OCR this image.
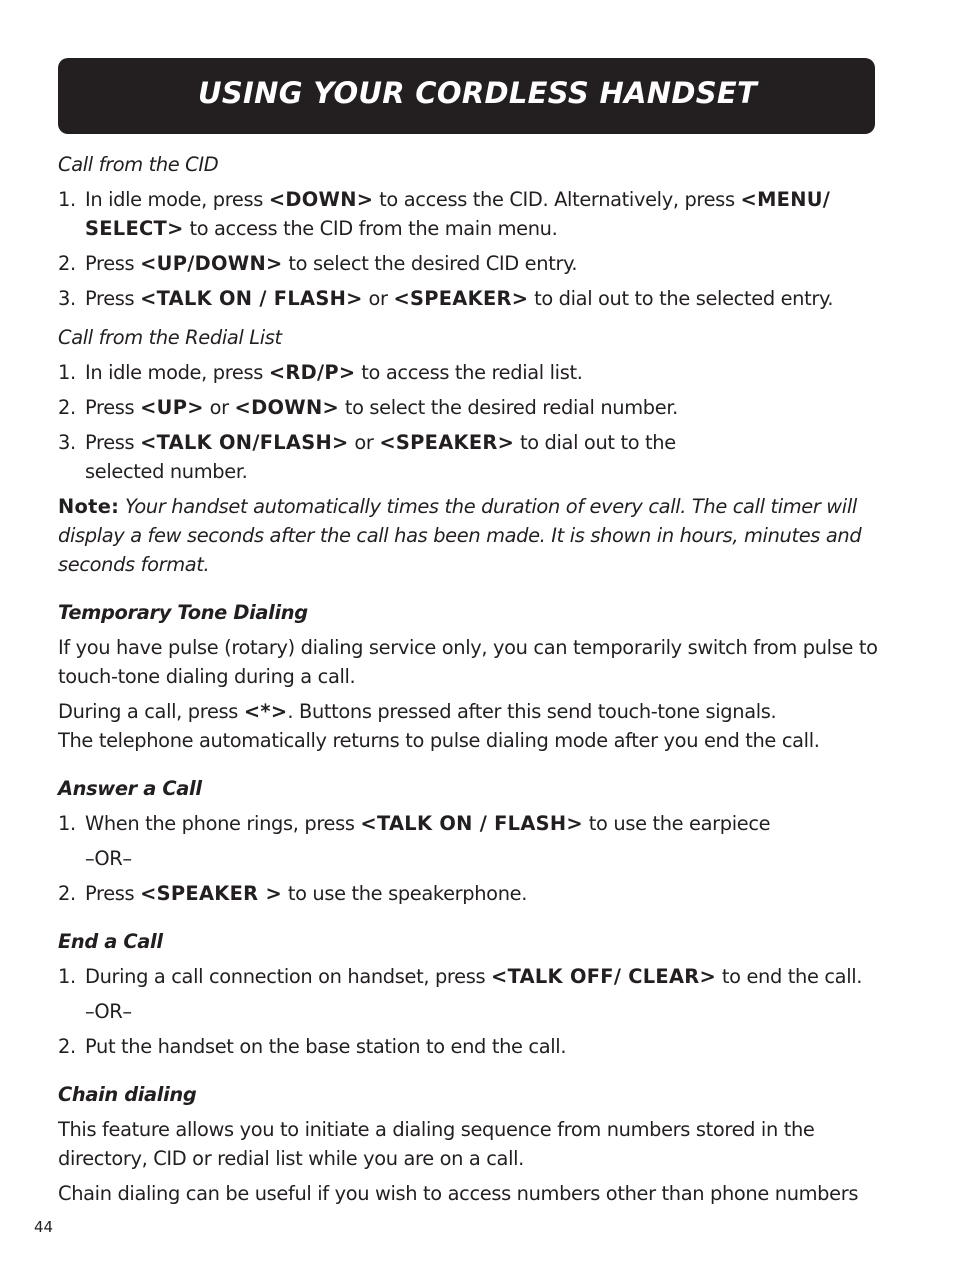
USING YOUR CORDLESS HANDSET
Call from the CID
1. In idle mode, press <DOWN> to access the CID. Alternatively, press <MENU/ SELECT> to access the CID from the main menu.
2. Press <UP/DOWN> to select the desired CID entry.
3. Press <TALK ON / FLASH> or <SPEAKER> to dial out to the selected entry.
Call from the Redial List
1. In idle mode, press <RD/P> to access the redial list.
2. Press <UP> or <DOWN> to select the desired redial number.
3. Press <TALK ON/FLASH> or <SPEAKER> to dial out to the
selected number.

Note: Your handset automatically times the duration of every call. The call timer will
display a few seconds after the call has been made. It is shown in hours, minutes and
seconds format.

Temporary Tone Dialing

If you have pulse (rotary) dialing service only, you can temporarily switch from pulse to
touch-tone dialing during a call.

During a call, press <*>. Buttons pressed after this send touch-tone signals.
The telephone automatically returns to pulse dialing mode after you end the call.

Answer a Call
1. When the phone rings, press <TALK ON / FLASH> to use the earpiece
–OR–
2. Press <SPEAKER > to use the speakerphone.
End a Call
1. During a call connection on handset, press <TALK OFF/ CLEAR> to end the call.
–OR–
2. Put the handset on the base station to end the call.
Chain dialing

This feature allows you to initiate a dialing sequence from numbers stored in the
directory, CID or redial list while you are on a call.

Chain dialing can be useful if you wish to access numbers other than phone numbers

44
